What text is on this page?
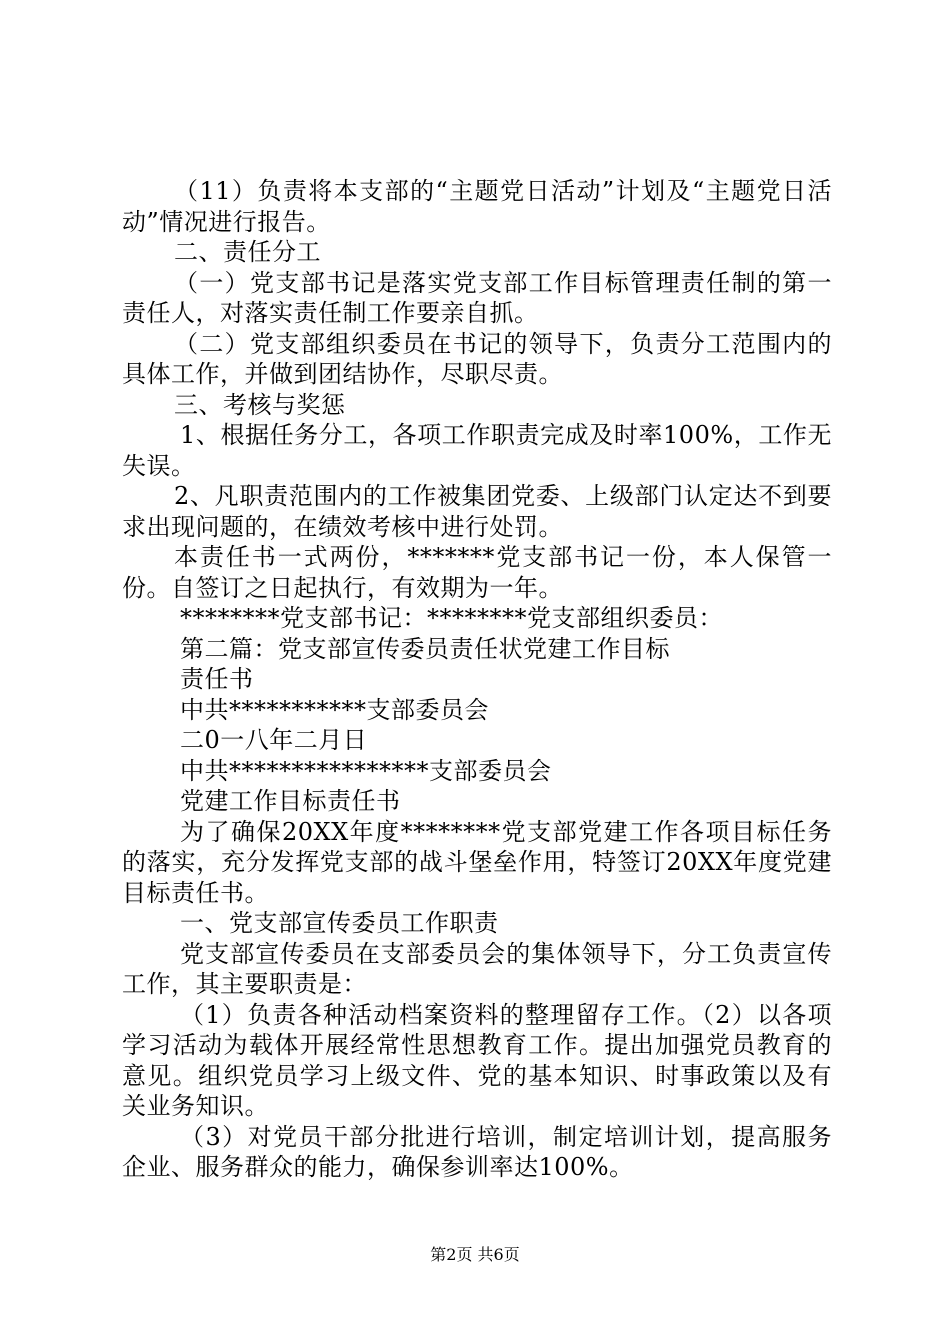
（11）负责将本支部的“主题党日活动”计划及“主题党日活动”情况进行报告。

二、责任分工

（一）党支部书记是落实党支部工作目标管理责任制的第一责任人，对落实责任制工作要亲自抓。

（二）党支部组织委员在书记的领导下，负责分工范围内的具体工作，并做到团结协作，尽职尽责。

三、考核与奖惩

1、根据任务分工，各项工作职责完成及时率100%，工作无失误。

2、凡职责范围内的工作被集团党委、上级部门认定达不到要求出现问题的，在绩效考核中进行处罚。

本责任书一式两份，*******党支部书记一份，本人保管一份。自签订之日起执行，有效期为一年。

********党支部书记：********党支部组织委员：

第二篇：党支部宣传委员责任状党建工作目标

责任书

中共***********支部委员会

二0一八年二月日

中共****************支部委员会

党建工作目标责任书

为了确保20XX年度********党支部党建工作各项目标任务的落实，充分发挥党支部的战斗堡垒作用，特签订20XX年度党建目标责任书。

一、党支部宣传委员工作职责

党支部宣传委员在支部委员会的集体领导下，分工负责宣传工作，其主要职责是：

（1）负责各种活动档案资料的整理留存工作。（2）以各项学习活动为载体开展经常性思想教育工作。提出加强党员教育的意见。组织党员学习上级文件、党的基本知识、时事政策以及有关业务知识。

（3）对党员干部分批进行培训，制定培训计划，提高服务企业、服务群众的能力，确保参训率达100%。

第2页 共6页
